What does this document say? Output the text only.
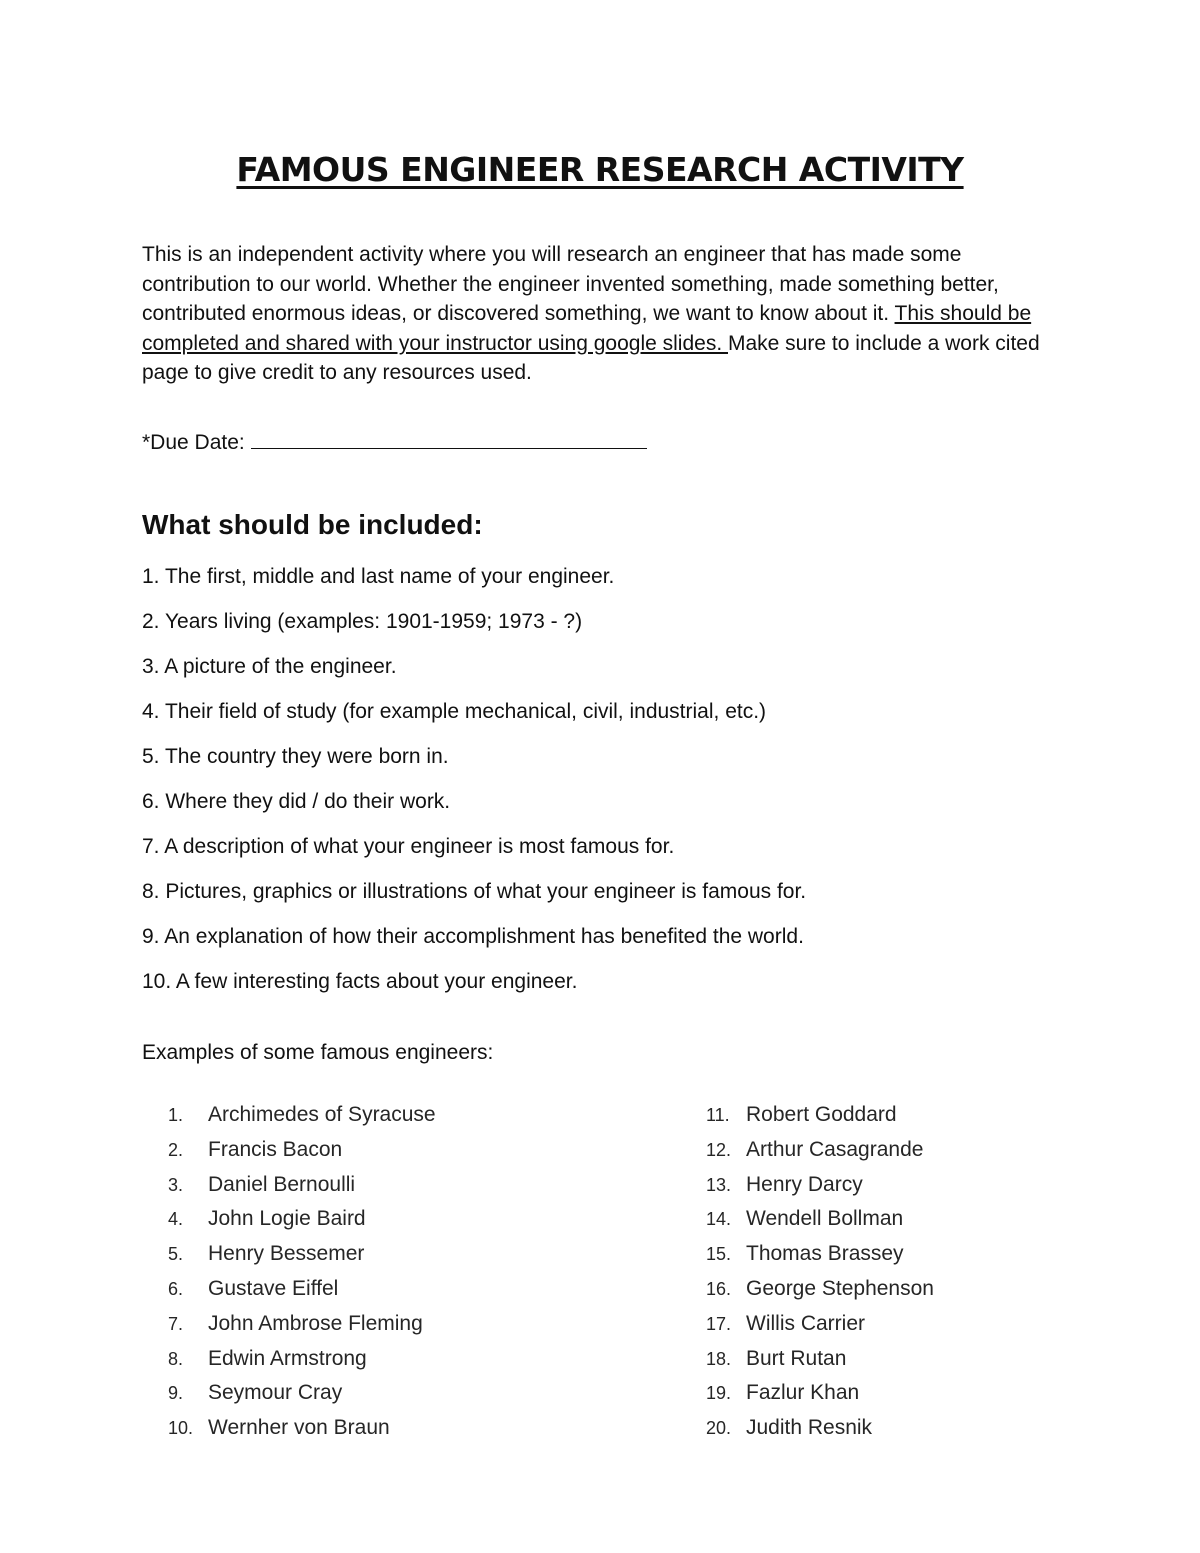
FAMOUS ENGINEER RESEARCH ACTIVITY
This is an independent activity where you will research an engineer that has made some contribution to our world. Whether the engineer invented something, made something better, contributed enormous ideas, or discovered something, we want to know about it. This should be completed and shared with your instructor using google slides. Make sure to include a work cited page to give credit to any resources used.
*Due Date:
What should be included:
1. The first, middle and last name of your engineer.
2. Years living (examples: 1901-1959; 1973 - ?)
3. A picture of the engineer.
4. Their field of study (for example mechanical, civil, industrial, etc.)
5. The country they were born in.
6. Where they did / do their work.
7. A description of what your engineer is most famous for.
8. Pictures, graphics or illustrations of what your engineer is famous for.
9. An explanation of how their accomplishment has benefited the world.
10. A few interesting facts about your engineer.
Examples of some famous engineers:
1. Archimedes of Syracuse
2. Francis Bacon
3. Daniel Bernoulli
4. John Logie Baird
5. Henry Bessemer
6. Gustave Eiffel
7. John Ambrose Fleming
8. Edwin Armstrong
9. Seymour Cray
10. Wernher von Braun
11. Robert Goddard
12. Arthur Casagrande
13. Henry Darcy
14. Wendell Bollman
15. Thomas Brassey
16. George Stephenson
17. Willis Carrier
18. Burt Rutan
19. Fazlur Khan
20. Judith Resnik
